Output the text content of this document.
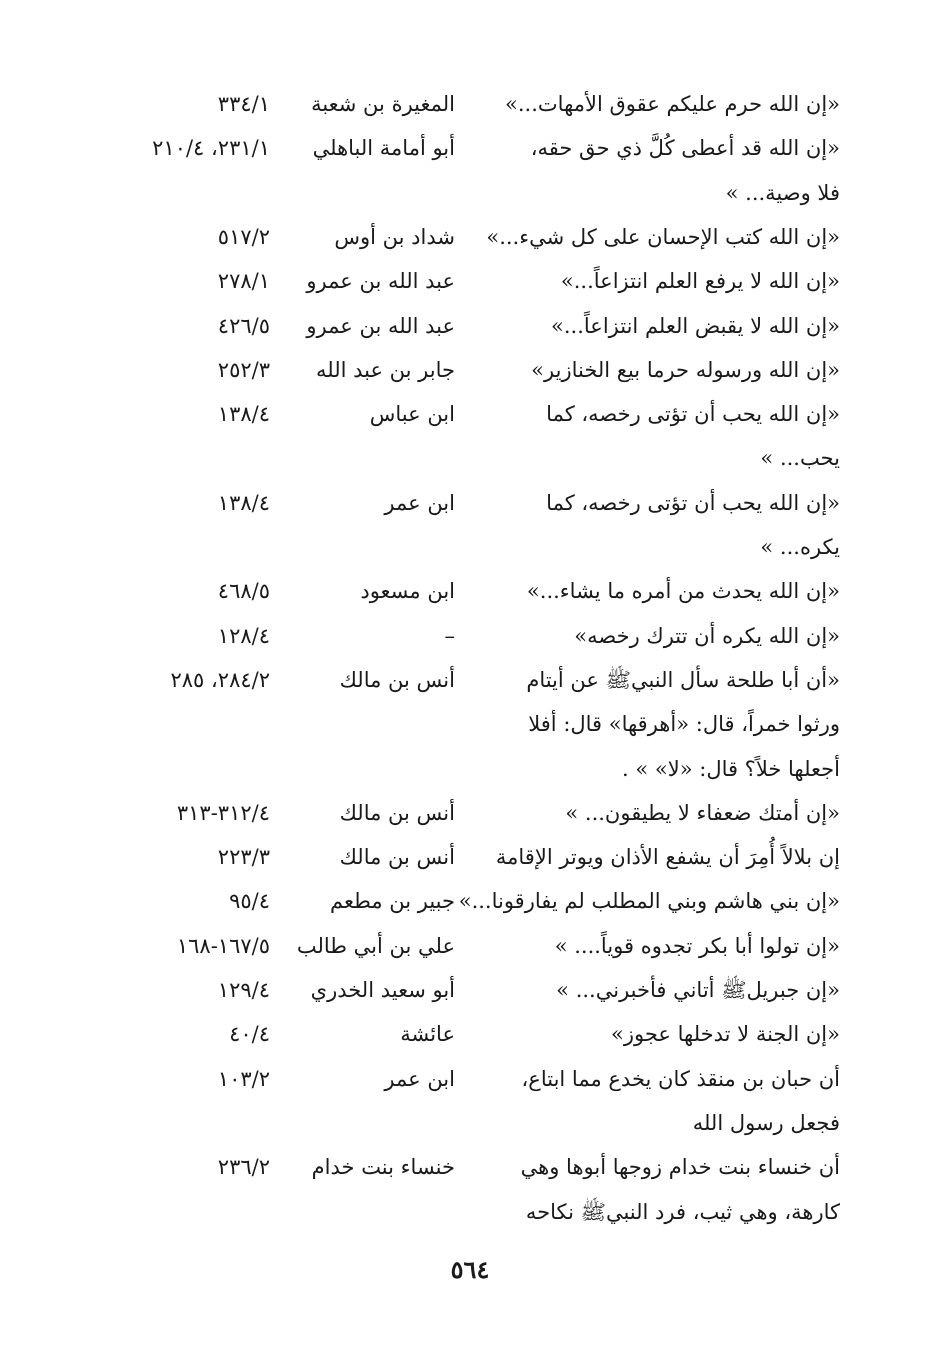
«إن الله حرم عليكم عقوق الأمهات...»
المغيرة بن شعبة
٣٣٤/١
«إن الله قد أعطى كُلَّ ذي حق حقه،
أبو أمامة الباهلي
٢٣١/١، ٢١٠/٤
فلا وصية... »
«إن الله كتب الإحسان على كل شيء...»
شداد بن أوس
٥١٧/٢
«إن الله لا يرفع العلم انتزاعاً...»
عبد الله بن عمرو
٢٧٨/١
«إن الله لا يقبض العلم انتزاعاً...»
عبد الله بن عمرو
٤٢٦/٥
«إن الله ورسوله حرما بيع الخنازير»
جابر بن عبد الله
٢٥٢/٣
«إن الله يحب أن تؤتى رخصه، كما
ابن عباس
١٣٨/٤
يحب... »
«إن الله يحب أن تؤتى رخصه، كما
ابن عمر
١٣٨/٤
يكره... »
«إن الله يحدث من أمره ما يشاء...»
ابن مسعود
٤٦٨/٥
«إن الله يكره أن تترك رخصه»
–
١٢٨/٤
«أن أبا طلحة سأل النبيﷺ عن أيتام
أنس بن مالك
٢٨٤/٢، ٢٨٥
ورثوا خمراً، قال: «أهرقها» قال: أفلا
أجعلها خلاً؟ قال: «لا» » .
«إن أمتك ضعفاء لا يطيقون... »
أنس بن مالك
٣١٢/٤-٣١٣
إن بلالاً أُمِرَ أن يشفع الأذان ويوتر الإقامة
أنس بن مالك
٢٢٣/٣
«إن بني هاشم وبني المطلب لم يفارقونا...»
جبير بن مطعم
٩٥/٤
«إن تولوا أبا بكر تجدوه قوياً.... »
علي بن أبي طالب
١٦٧/٥-١٦٨
«إن جبريلﷺ أتاني فأخبرني... »
أبو سعيد الخدري
١٢٩/٤
«إن الجنة لا تدخلها عجوز»
عائشة
٤٠/٤
أن حبان بن منقذ كان يخدع مما ابتاع،
ابن عمر
١٠٣/٢
فجعل رسول الله
أن خنساء بنت خدام زوجها أبوها وهي
خنساء بنت خدام
٢٣٦/٢
كارهة، وهي ثيب، فرد النبيﷺ نكاحه
٥٦٤
